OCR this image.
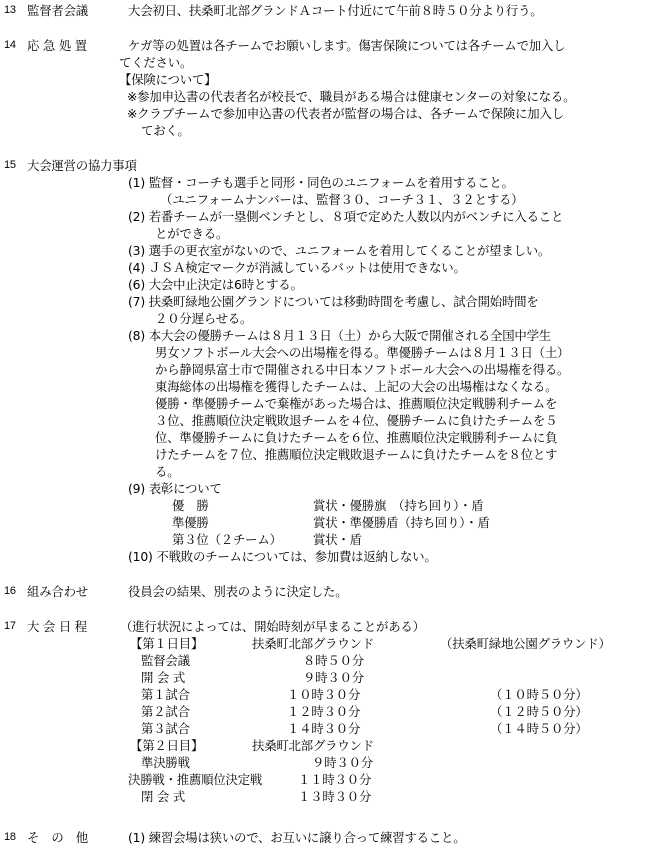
13 監督者会議	大会初日、扶桑町北部グランドＡコート付近にて午前８時５０分より行う。
14 応 急 処 置	ケガ等の処置は各チームでお願いします。傷害保険については各チームで加入し
てください。
【保険について】
※参加申込書の代表者名が校長で、職員がある場合は健康センターの対象になる。
※クラブチームで参加申込書の代表者が監督の場合は、各チームで保険に加入し
ておく。
15 大会運営の協力事項
(1) 監督・コーチも選手と同形・同色のユニフォームを着用すること。
（ユニフォームナンバーは、監督３０、コーチ３１、３２とする）
(2) 若番チームが一塁側ベンチとし、８項で定めた人数以内がベンチに入ること
とができる。
(3) 選手の更衣室がないので、ユニフォームを着用してくることが望ましい。
(4) ＪＳＡ検定マークが消滅しているバットは使用できない。
(6) 大会中止決定は6時とする。
(7) 扶桑町緑地公園グランドについては移動時間を考慮し、試合開始時間を
２０分遅らせる。
(8) 本大会の優勝チームは８月１３日（土）から大阪で開催される全国中学生
男女ソフトボール大会への出場権を得る。準優勝チームは８月１３日（土）
から静岡県富士市で開催される中日本ソフトボール大会への出場権を得る。
東海総体の出場権を獲得したチームは、上記の大会の出場権はなくなる。
優勝・準優勝チームで棄権があった場合は、推薦順位決定戦勝利チームを
３位、推薦順位決定戦敗退チームを４位、優勝チームに負けたチームを５
位、準優勝チームに負けたチームを６位、推薦順位決定戦勝利チームに負
けたチームを７位、推薦順位決定戦敗退チームに負けたチームを８位とす
る。
(9) 表彰について
優　勝	賞状・優勝旗　（持ち回り）・盾
準優勝	賞状・準優勝盾（持ち回り）・盾
第３位（２チーム）	賞状・盾
(10) 不戦敗のチームについては、参加費は返納しない。
16 組み合わせ	役員会の結果、別表のように決定した。
17 大 会 日 程	（進行状況によっては、開始時刻が早まることがある）
【第１日目】	扶桑町北部グラウンド	（扶桑町緑地公園グラウンド）
監督会議	８時５０分
開 会 式	９時３０分
第１試合	１０時３０分	（１０時５０分）
第２試合	１２時３０分	（１２時５０分）
第３試合	１４時３０分	（１４時５０分）
【第２日目】	扶桑町北部グラウンド
準決勝戦	９時３０分
決勝戦・推薦順位決定戦	１１時３０分
閉 会 式	１３時３０分
18 そ　の　他	(1) 練習会場は狭いので、お互いに譲り合って練習すること。
